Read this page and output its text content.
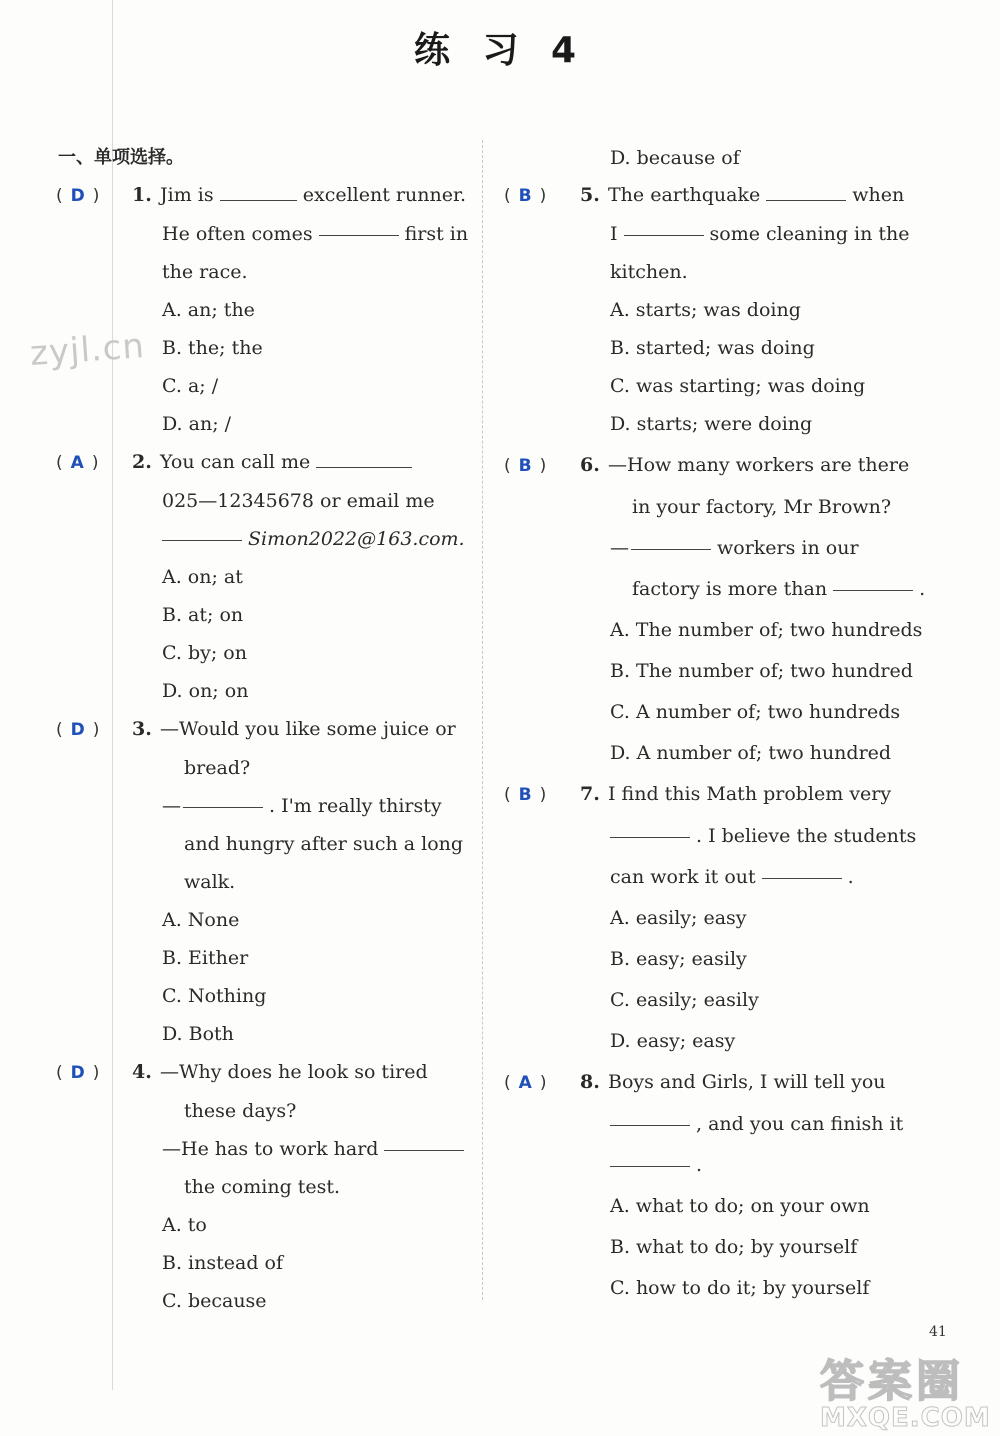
练 习 4
一、单项选择。
zyjl.cn
( D )	1. Jim is	excellent runner.
He often comes	first in
the race.
A. an; the
B. the; the
C. a; /
D. an; /
( A )	2. You can call me
025—12345678 or email me
Simon2022@163.com.
A. on; at
B. at; on
C. by; on
D. on; on
( D )	3. —Would you like some juice or
bread?
—	. I'm really thirsty
and hungry after such a long
walk.
A. None
B. Either
C. Nothing
D. Both
( D )	4. —Why does he look so tired
these days?
—He has to work hard
the coming test.
A. to
B. instead of
C. because
D. because of
( B )	5. The earthquake	when
I	some cleaning in the
kitchen.
A. starts; was doing
B. started; was doing
C. was starting; was doing
D. starts; were doing
( B )	6. —How many workers are there
in your factory, Mr Brown?
—	workers in our
factory is more than	.
A. The number of; two hundreds
B. The number of; two hundred
C. A number of; two hundreds
D. A number of; two hundred
( B )	7. I find this Math problem very
. I believe the students
can work it out	.
A. easily; easy
B. easy; easily
C. easily; easily
D. easy; easy
( A )	8. Boys and Girls, I will tell you
, and you can finish it
.
A. what to do; on your own
B. what to do; by yourself
C. how to do it; by yourself
41
答案圈
MXQE.COM
